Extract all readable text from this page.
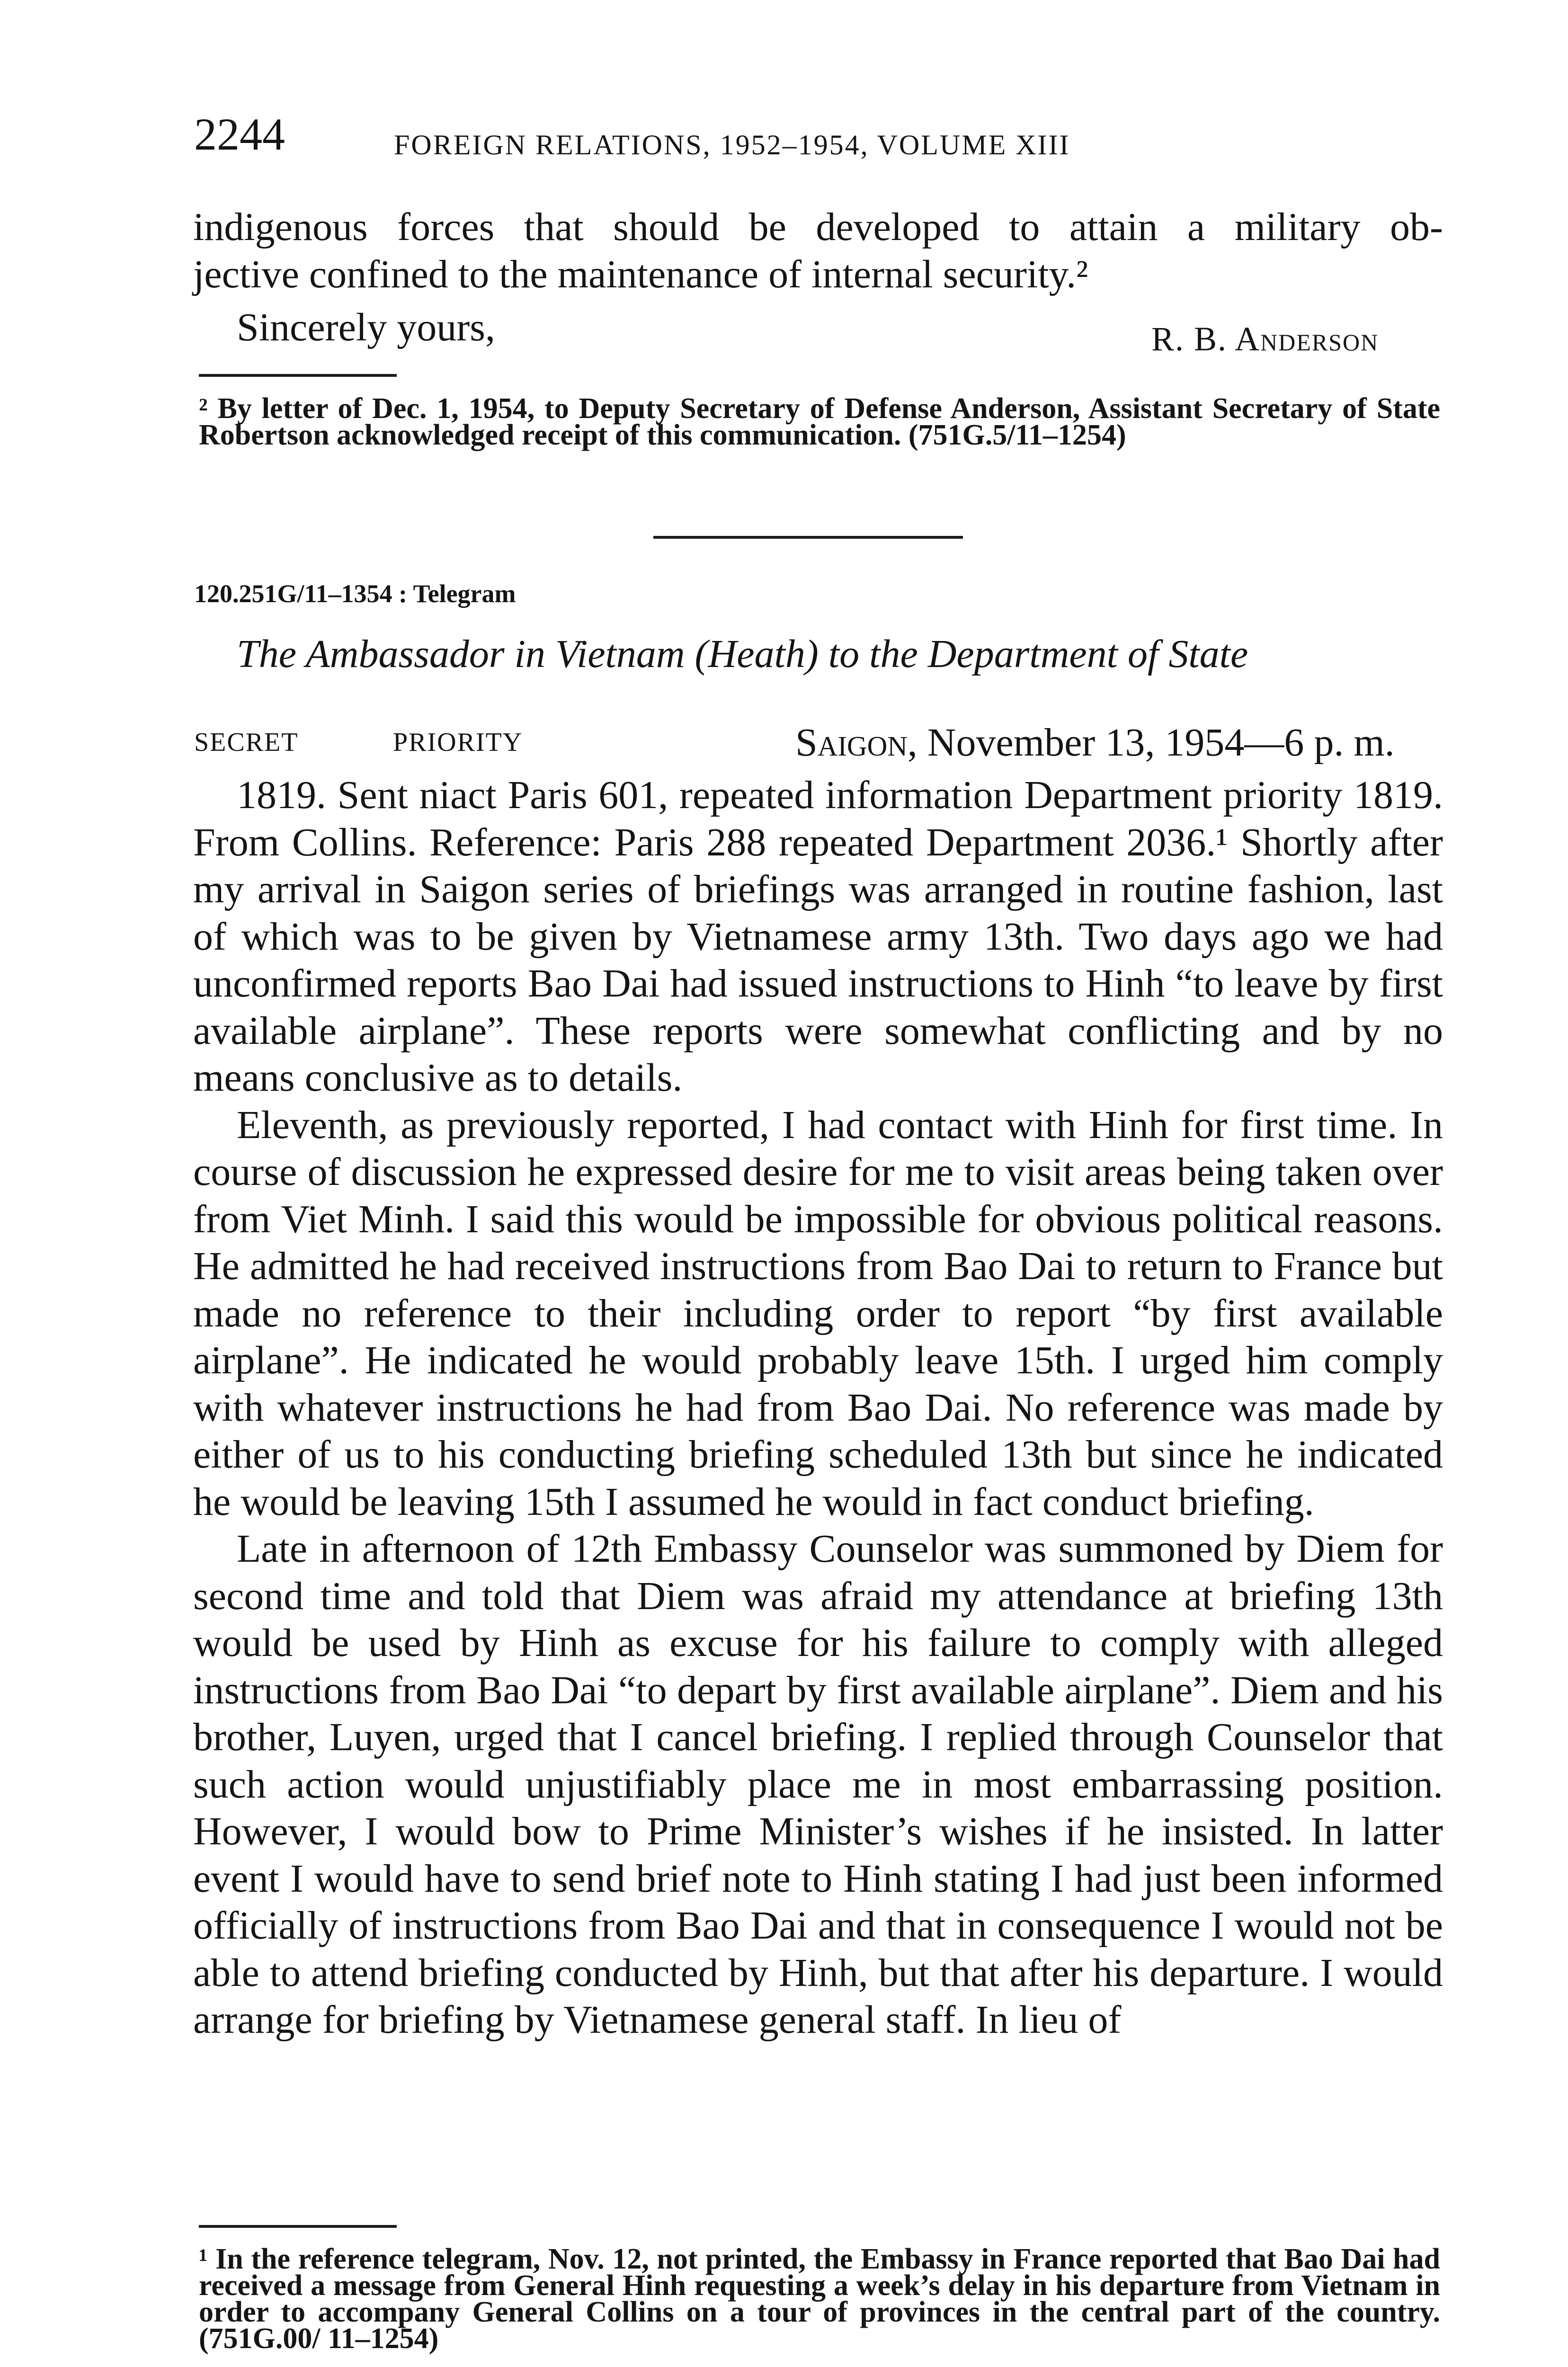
2244	FOREIGN RELATIONS, 1952–1954, VOLUME XIII

indigenous forces that should be developed to attain a military ob-

jective confined to the maintenance of internal security.²

Sincerely yours,	R. B. Anderson
² By letter of Dec. 1, 1954, to Deputy Secretary of Defense Anderson, Assistant Secretary of State Robertson acknowledged receipt of this communication. (751G.5/11–1254)
120.251G/11–1354 : Telegram
The Ambassador in Vietnam (Heath) to the Department of State
SECRET	PRIORITY	Saigon, November 13, 1954—6 p. m.

1819. Sent niact Paris 601, repeated information Department priority 1819. From Collins. Reference: Paris 288 repeated Department 2036.¹ Shortly after my arrival in Saigon series of briefings was arranged in routine fashion, last of which was to be given by Vietnamese army 13th. Two days ago we had unconfirmed reports Bao Dai had issued instructions to Hinh “to leave by first available airplane”. These reports were somewhat conflicting and by no means conclusive as to details.

Eleventh, as previously reported, I had contact with Hinh for first time. In course of discussion he expressed desire for me to visit areas being taken over from Viet Minh. I said this would be impossible for obvious political reasons. He admitted he had received instructions from Bao Dai to return to France but made no reference to their including order to report “by first available airplane”. He indicated he would probably leave 15th. I urged him comply with whatever instructions he had from Bao Dai. No reference was made by either of us to his conducting briefing scheduled 13th but since he indicated he would be leaving 15th I assumed he would in fact conduct briefing.

Late in afternoon of 12th Embassy Counselor was summoned by Diem for second time and told that Diem was afraid my attendance at briefing 13th would be used by Hinh as excuse for his failure to comply with alleged instructions from Bao Dai “to depart by first available airplane”. Diem and his brother, Luyen, urged that I cancel briefing. I replied through Counselor that such action would unjustifiably place me in most embarrassing position. However, I would bow to Prime Minister’s wishes if he insisted. In latter event I would have to send brief note to Hinh stating I had just been informed officially of instructions from Bao Dai and that in consequence I would not be able to attend briefing conducted by Hinh, but that after his departure. I would arrange for briefing by Vietnamese general staff. In lieu of

¹ In the reference telegram, Nov. 12, not printed, the Embassy in France reported that Bao Dai had received a message from General Hinh requesting a week’s delay in his departure from Vietnam in order to accompany General Collins on a tour of provinces in the central part of the country. (751G.00/ 11–1254)
